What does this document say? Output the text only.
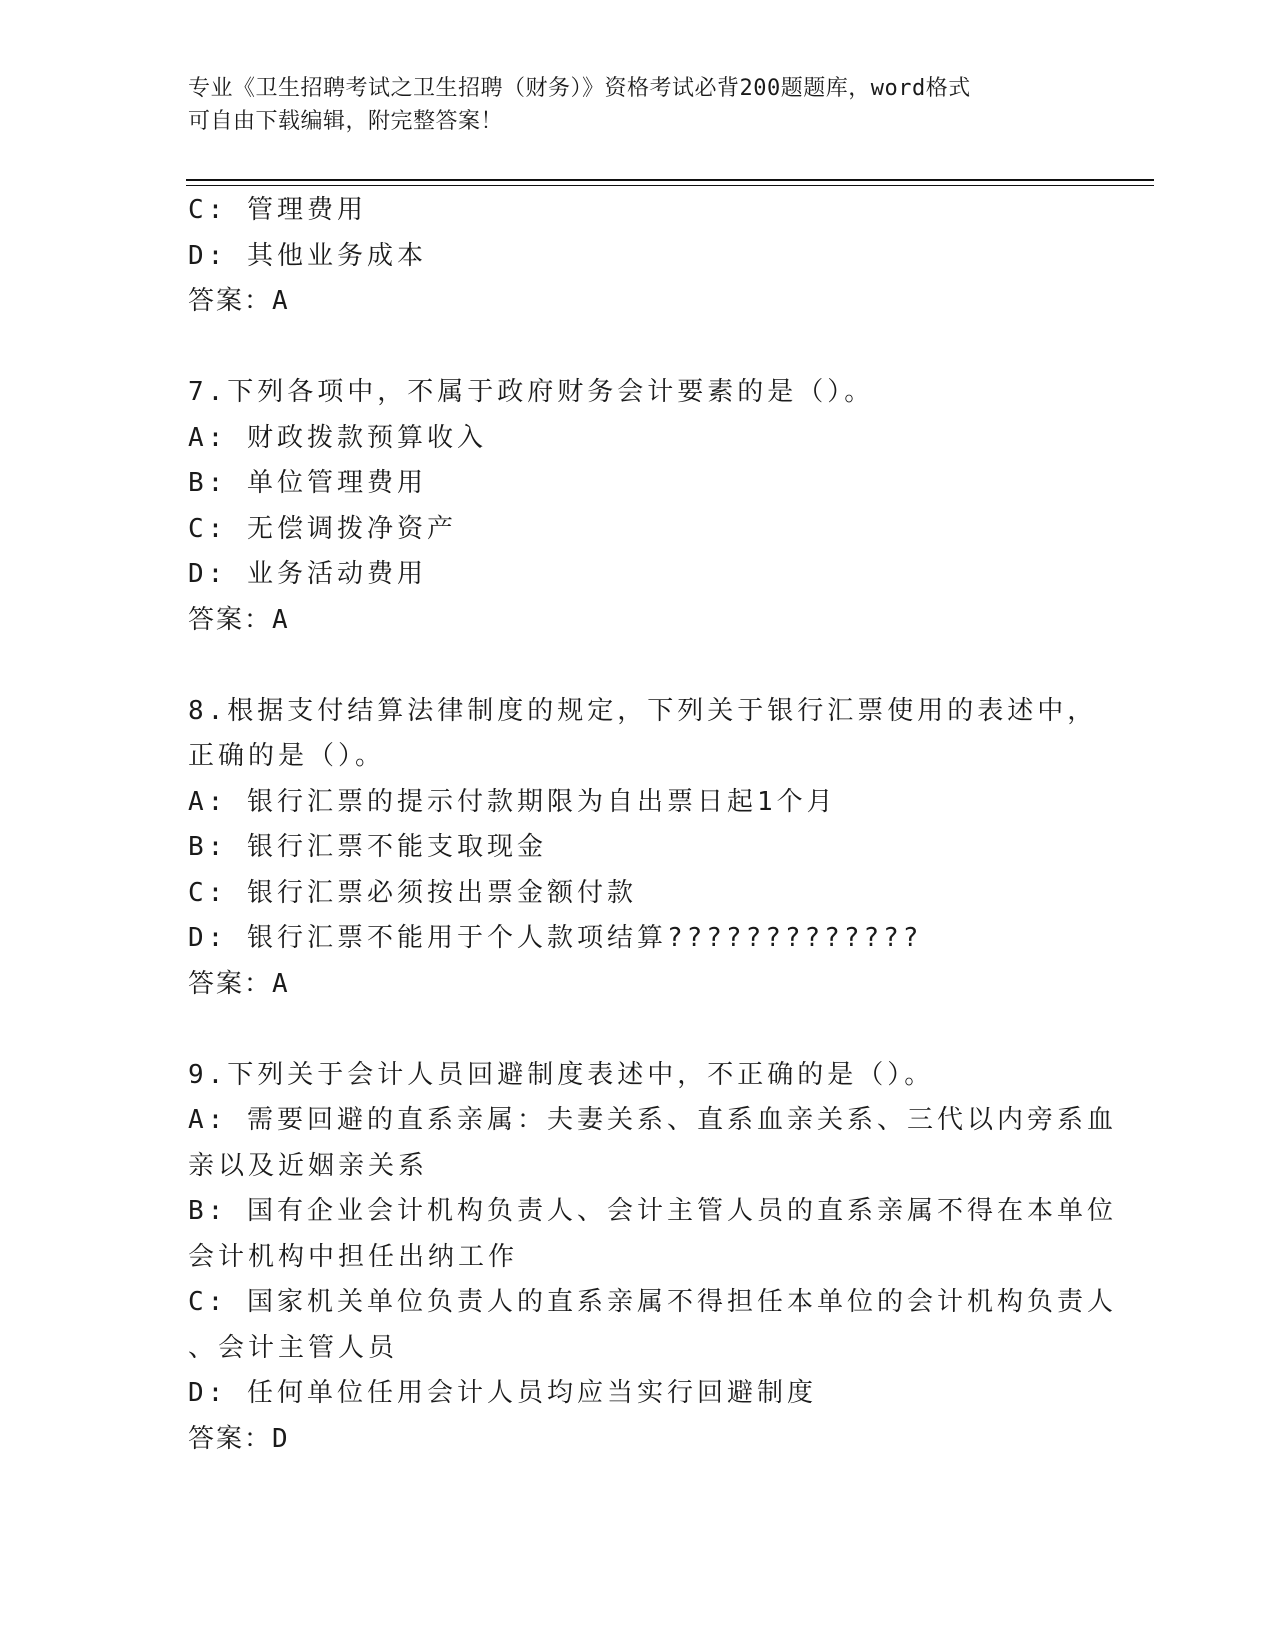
专业《卫生招聘考试之卫生招聘（财务）》资格考试必背200题题库，word格式
可自由下载编辑，附完整答案！
C: 管理费用
D: 其他业务成本
答案：A
7.下列各项中，不属于政府财务会计要素的是（）。
A: 财政拨款预算收入
B: 单位管理费用
C: 无偿调拨净资产
D: 业务活动费用
答案：A
8.根据支付结算法律制度的规定，下列关于银行汇票使用的表述中，
正确的是（）。
A: 银行汇票的提示付款期限为自出票日起1个月
B: 银行汇票不能支取现金
C: 银行汇票必须按出票金额付款
D: 银行汇票不能用于个人款项结算?????????????
答案：A
9.下列关于会计人员回避制度表述中，不正确的是（）。
A: 需要回避的直系亲属：夫妻关系、直系血亲关系、三代以内旁系血
亲以及近姻亲关系
B: 国有企业会计机构负责人、会计主管人员的直系亲属不得在本单位
会计机构中担任出纳工作
C: 国家机关单位负责人的直系亲属不得担任本单位的会计机构负责人
、会计主管人员
D: 任何单位任用会计人员均应当实行回避制度
答案：D
